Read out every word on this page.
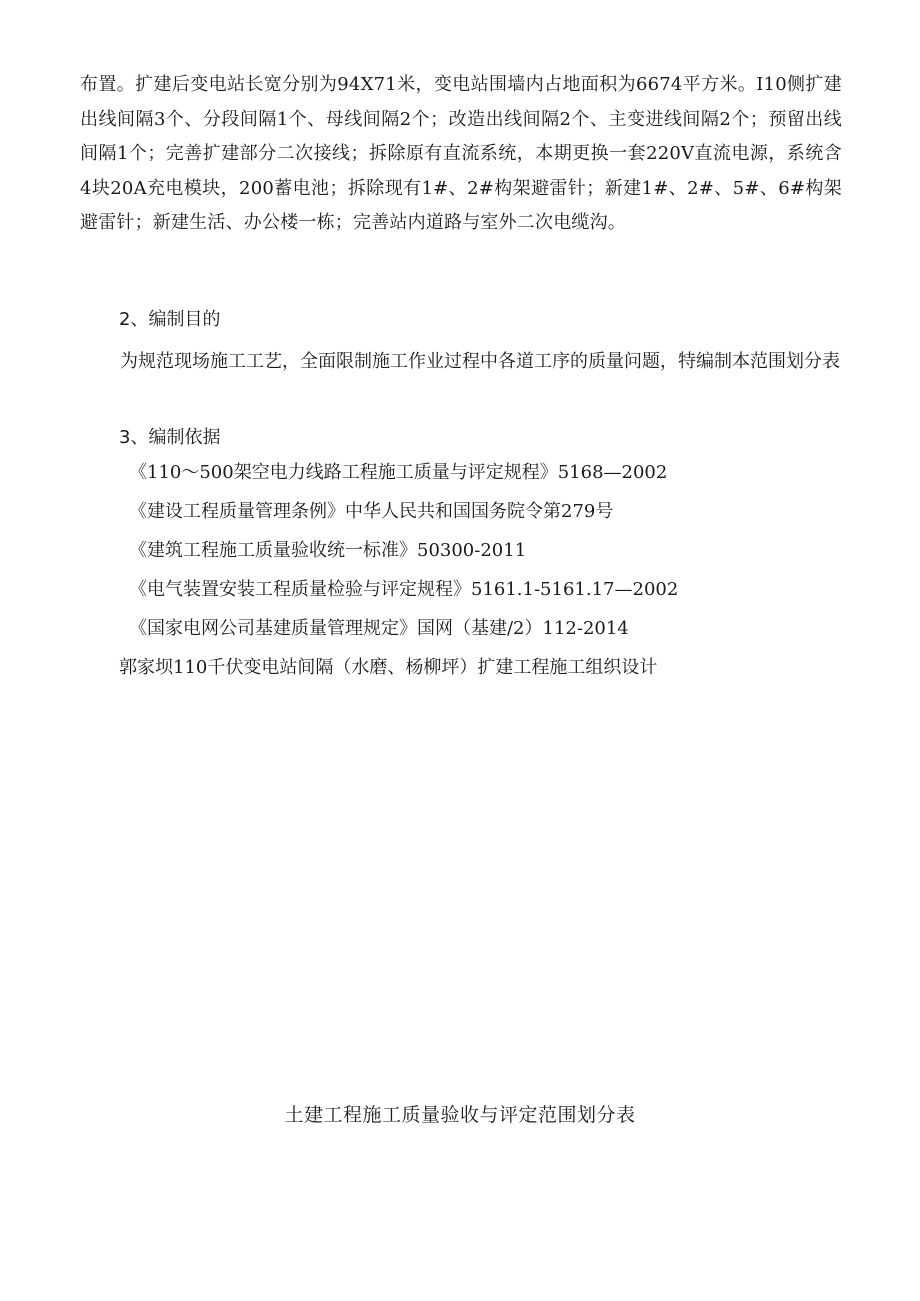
布置。扩建后变电站长宽分别为94X71米，变电站围墙内占地面积为6674平方米。I10侧扩建出线间隔3个、分段间隔1个、母线间隔2个；改造出线间隔2个、主变进线间隔2个；预留出线间隔1个；完善扩建部分二次接线；拆除原有直流系统，本期更换一套220V直流电源，系统含4块20A充电模块，200蓄电池；拆除现有1#、2#构架避雷针；新建1#、2#、5#、6#构架避雷针；新建生活、办公楼一栋；完善站内道路与室外二次电缆沟。

2、编制目的

为规范现场施工工艺，全面限制施工作业过程中各道工序的质量问题，特编制本范围划分表

3、编制依据

《110～500架空电力线路工程施工质量与评定规程》5168—2002
《建设工程质量管理条例》中华人民共和国国务院令第279号
《建筑工程施工质量验收统一标准》50300-2011
《电气装置安装工程质量检验与评定规程》5161.1-5161.17—2002
《国家电网公司基建质量管理规定》国网（基建/2）112-2014
郭家坝110千伏变电站间隔（水磨、杨柳坪）扩建工程施工组织设计

土建工程施工质量验收与评定范围划分表
